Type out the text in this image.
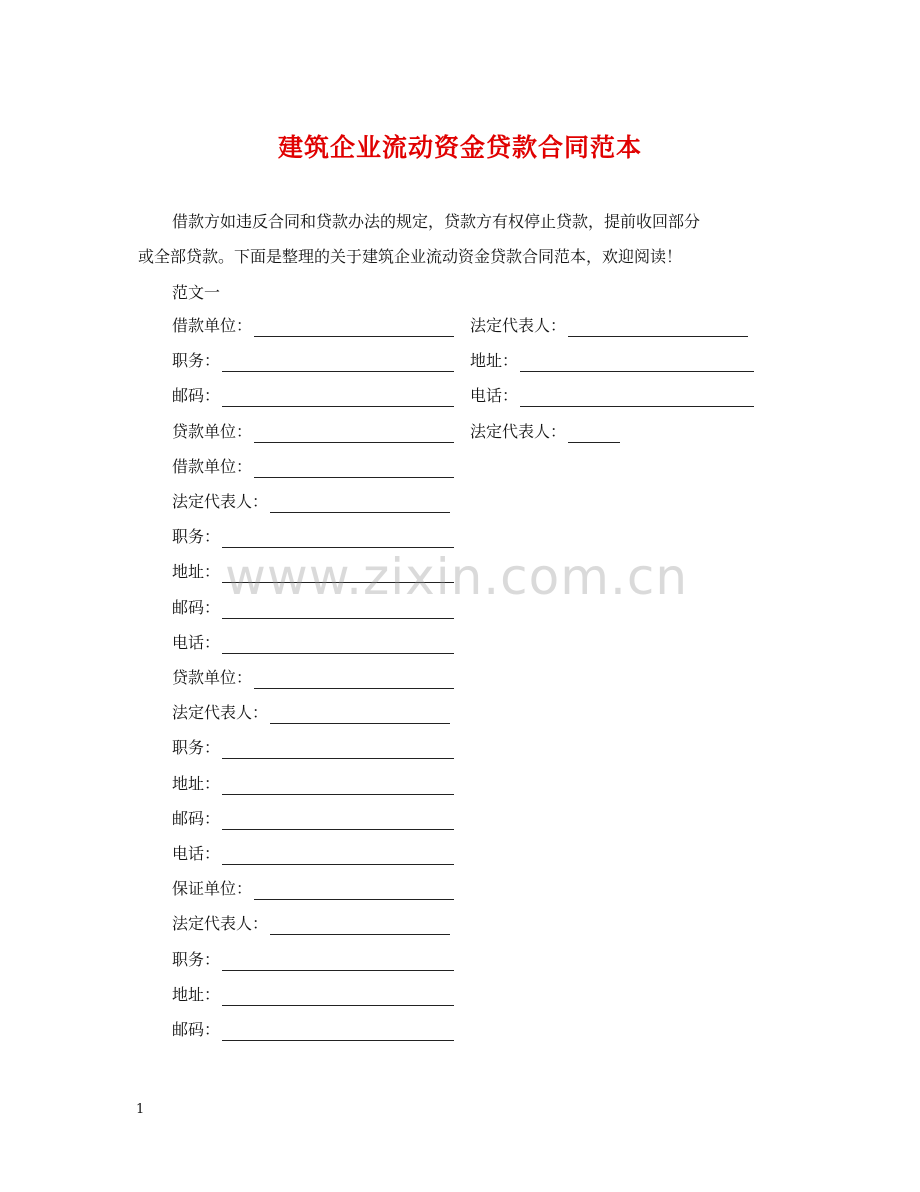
建筑企业流动资金贷款合同范本
借款方如违反合同和贷款办法的规定，贷款方有权停止贷款，提前收回部分
或全部贷款。下面是整理的关于建筑企业流动资金贷款合同范本，欢迎阅读！
范文一
借款单位：	法定代表人：
职务：	地址：
邮码：	电话：
贷款单位：	法定代表人：
借款单位：
法定代表人：
职务：
地址：
邮码：
电话：
贷款单位：
法定代表人：
职务：
地址：
邮码：
电话：
保证单位：
法定代表人：
职务：
地址：
邮码：
www.zixin.com.cn
1
